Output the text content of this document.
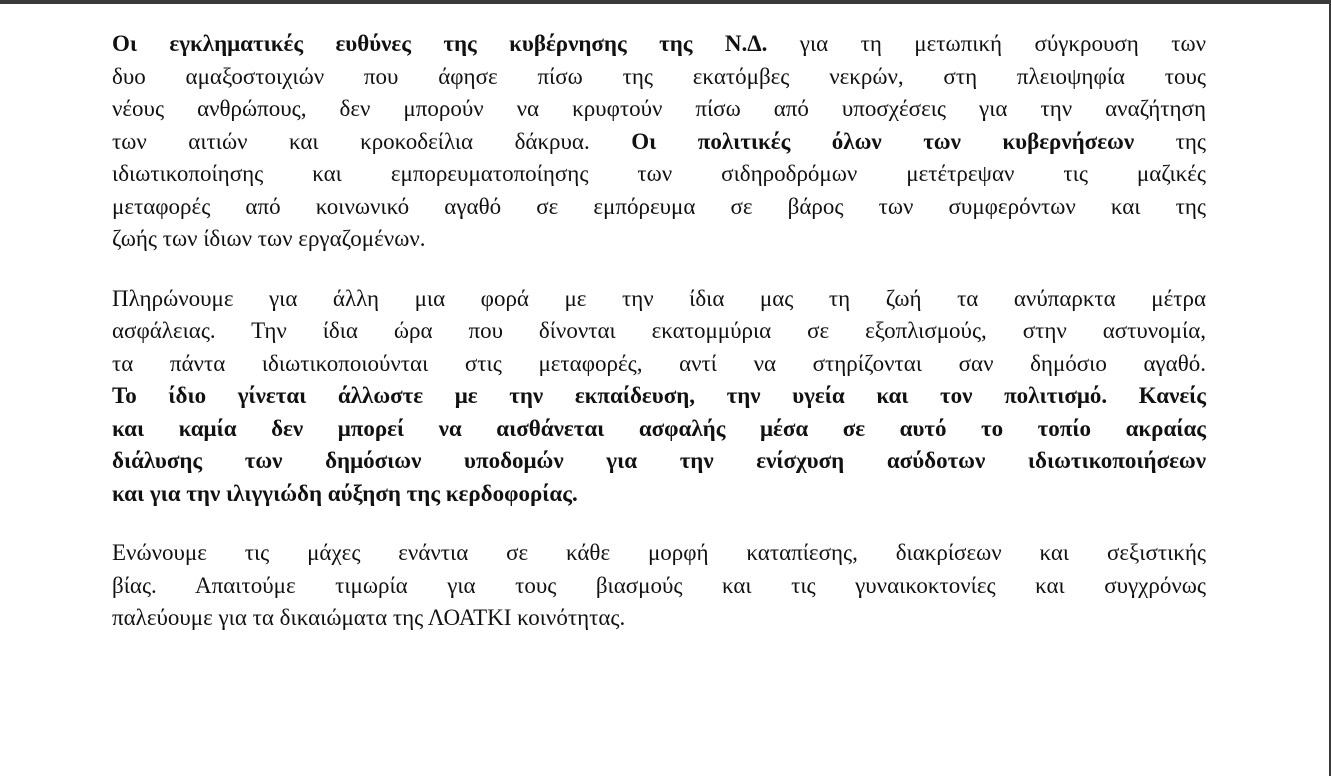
Οι εγκληματικές ευθύνες της κυβέρνησης της Ν.Δ. για τη μετωπική σύγκρουση των
δυο αμαξοστοιχιών που άφησε πίσω της εκατόμβες νεκρών, στη πλειοψηφία τους
νέους ανθρώπους, δεν μπορούν να κρυφτούν πίσω από υποσχέσεις για την αναζήτηση
των αιτιών και κροκοδείλια δάκρυα. Οι πολιτικές όλων των κυβερνήσεων της
ιδιωτικοποίησης και εμπορευματοποίησης των σιδηροδρόμων μετέτρεψαν τις μαζικές
μεταφορές από κοινωνικό αγαθό σε εμπόρευμα σε βάρος των συμφερόντων και της
ζωής των ίδιων των εργαζομένων.
Πληρώνουμε για άλλη μια φορά με την ίδια μας τη ζωή τα ανύπαρκτα μέτρα
ασφάλειας. Την ίδια ώρα που δίνονται εκατομμύρια σε εξοπλισμούς, στην αστυνομία,
τα πάντα ιδιωτικοποιούνται στις μεταφορές, αντί να στηρίζονται σαν δημόσιο αγαθό.
Το ίδιο γίνεται άλλωστε με την εκπαίδευση, την υγεία και τον πολιτισμό. Κανείς
και καμία δεν μπορεί να αισθάνεται ασφαλής μέσα σε αυτό το τοπίο ακραίας
διάλυσης των δημόσιων υποδομών για την ενίσχυση ασύδοτων ιδιωτικοποιήσεων
και για την ιλιγγιώδη αύξηση της κερδοφορίας.
Ενώνουμε τις μάχες ενάντια σε κάθε μορφή καταπίεσης, διακρίσεων και σεξιστικής
βίας. Απαιτούμε τιμωρία για τους βιασμούς και τις γυναικοκτονίες και συγχρόνως
παλεύουμε για τα δικαιώματα της ΛΟΑΤΚΙ κοινότητας.
